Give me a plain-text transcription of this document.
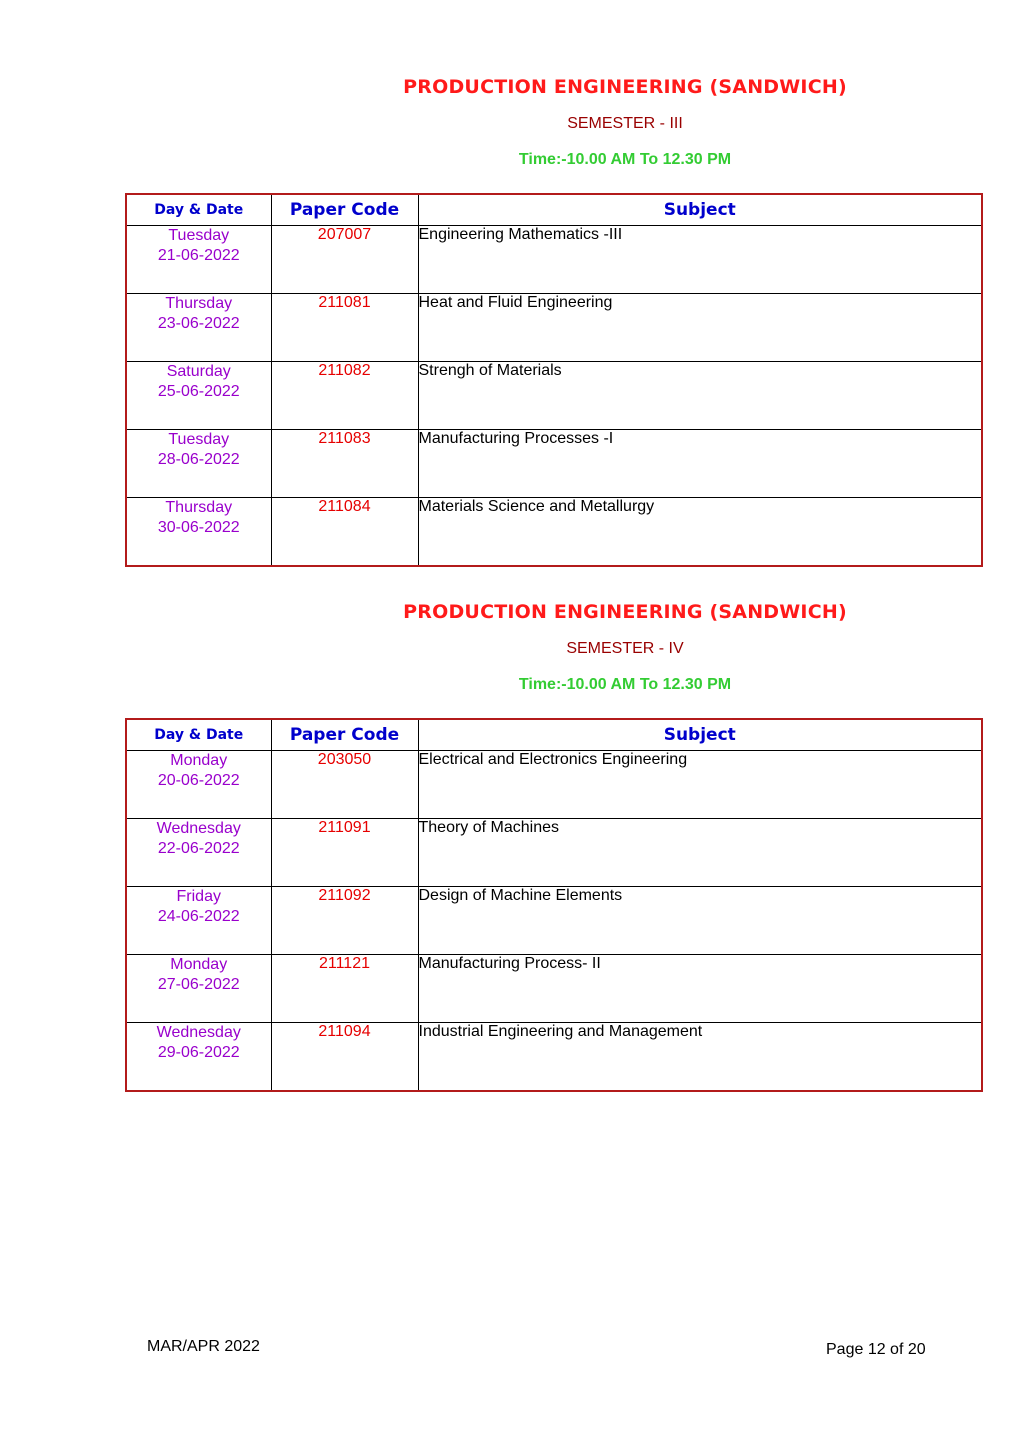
PRODUCTION ENGINEERING (SANDWICH)
SEMESTER - III
Time:-10.00 AM To 12.30 PM
Day & Date	Paper Code	Subject

Tuesday
21-06-2022	207007	Engineering Mathematics -III

Thursday
23-06-2022	211081	Heat and Fluid Engineering

Saturday
25-06-2022	211082	Strengh of Materials

Tuesday
28-06-2022	211083	Manufacturing Processes -I

Thursday
30-06-2022	211084	Materials Science and Metallurgy
PRODUCTION ENGINEERING (SANDWICH)
SEMESTER - IV
Time:-10.00 AM To 12.30 PM
Day & Date	Paper Code	Subject

Monday
20-06-2022	203050	Electrical and Electronics Engineering

Wednesday
22-06-2022	211091	Theory of Machines

Friday
24-06-2022	211092	Design of Machine Elements

Monday
27-06-2022	211121	Manufacturing Process- II

Wednesday
29-06-2022	211094	Industrial Engineering and Management
MAR/APR 2022	Page 12 of 20
